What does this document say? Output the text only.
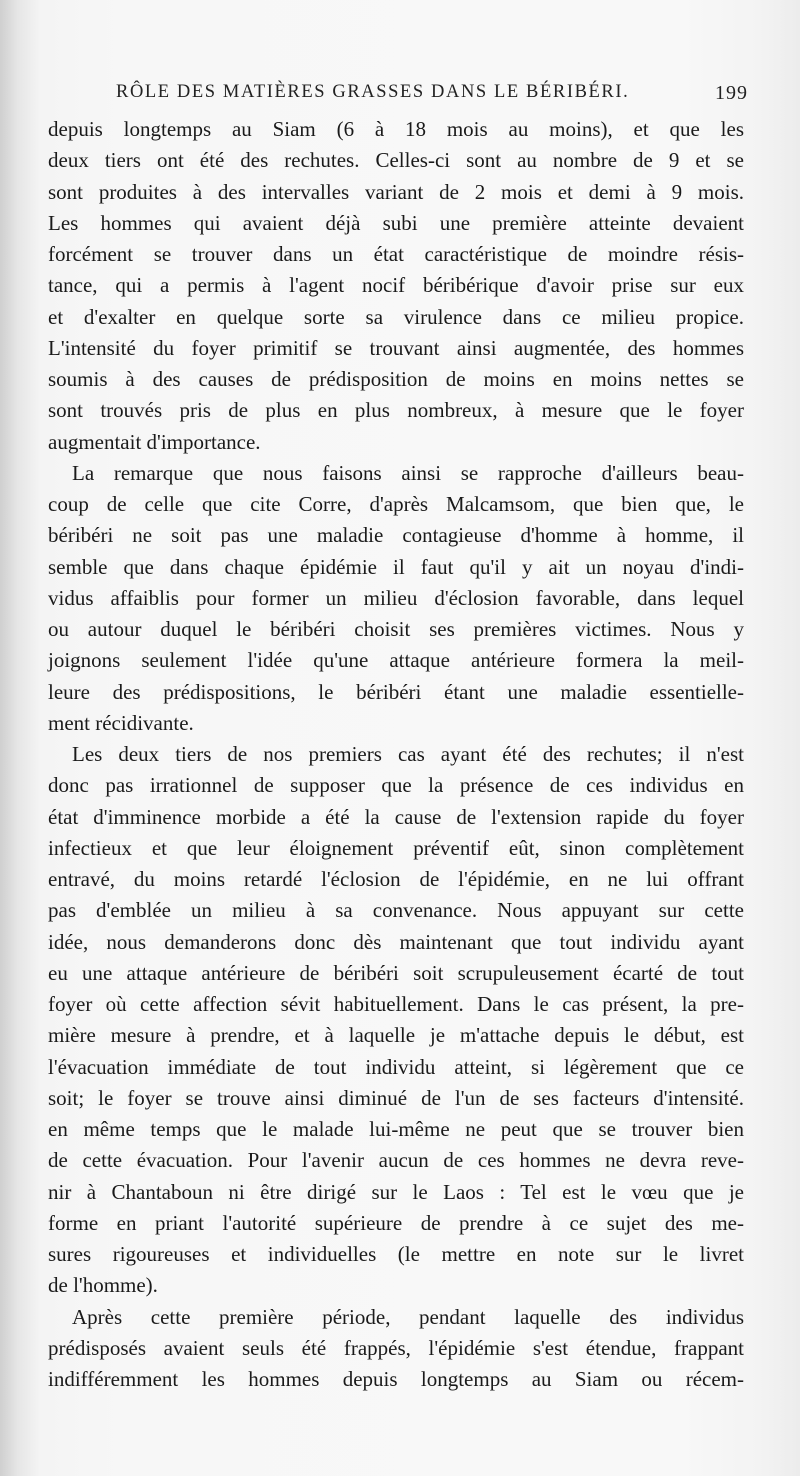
RÔLE DES MATIÈRES GRASSES DANS LE BÉRIBÉRI.	199
depuis longtemps au Siam (6 à 18 mois au moins), et que les
deux tiers ont été des rechutes. Celles-ci sont au nombre de 9 et se
sont produites à des intervalles variant de 2 mois et demi à 9 mois.
Les hommes qui avaient déjà subi une première atteinte devaient
forcément se trouver dans un état caractéristique de moindre résis-
tance, qui a permis à l'agent nocif béribérique d'avoir prise sur eux
et d'exalter en quelque sorte sa virulence dans ce milieu propice.
L'intensité du foyer primitif se trouvant ainsi augmentée, des hommes
soumis à des causes de prédisposition de moins en moins nettes se
sont trouvés pris de plus en plus nombreux, à mesure que le foyer
augmentait d'importance.
La remarque que nous faisons ainsi se rapproche d'ailleurs beau-
coup de celle que cite Corre, d'après Malcamsom, que bien que, le
béribéri ne soit pas une maladie contagieuse d'homme à homme, il
semble que dans chaque épidémie il faut qu'il y ait un noyau d'indi-
vidus affaiblis pour former un milieu d'éclosion favorable, dans lequel
ou autour duquel le béribéri choisit ses premières victimes. Nous y
joignons seulement l'idée qu'une attaque antérieure formera la meil-
leure des prédispositions, le béribéri étant une maladie essentielle-
ment récidivante.
Les deux tiers de nos premiers cas ayant été des rechutes; il n'est
donc pas irrationnel de supposer que la présence de ces individus en
état d'imminence morbide a été la cause de l'extension rapide du foyer
infectieux et que leur éloignement préventif eût, sinon complètement
entravé, du moins retardé l'éclosion de l'épidémie, en ne lui offrant
pas d'emblée un milieu à sa convenance. Nous appuyant sur cette
idée, nous demanderons donc dès maintenant que tout individu ayant
eu une attaque antérieure de béribéri soit scrupuleusement écarté de tout
foyer où cette affection sévit habituellement. Dans le cas présent, la pre-
mière mesure à prendre, et à laquelle je m'attache depuis le début, est
l'évacuation immédiate de tout individu atteint, si légèrement que ce
soit; le foyer se trouve ainsi diminué de l'un de ses facteurs d'intensité.
en même temps que le malade lui-même ne peut que se trouver bien
de cette évacuation. Pour l'avenir aucun de ces hommes ne devra reve-
nir à Chantaboun ni être dirigé sur le Laos : Tel est le vœu que je
forme en priant l'autorité supérieure de prendre à ce sujet des me-
sures rigoureuses et individuelles (le mettre en note sur le livret
de l'homme).
Après cette première période, pendant laquelle des individus
prédisposés avaient seuls été frappés, l'épidémie s'est étendue, frappant
indifféremment les hommes depuis longtemps au Siam ou récem-
